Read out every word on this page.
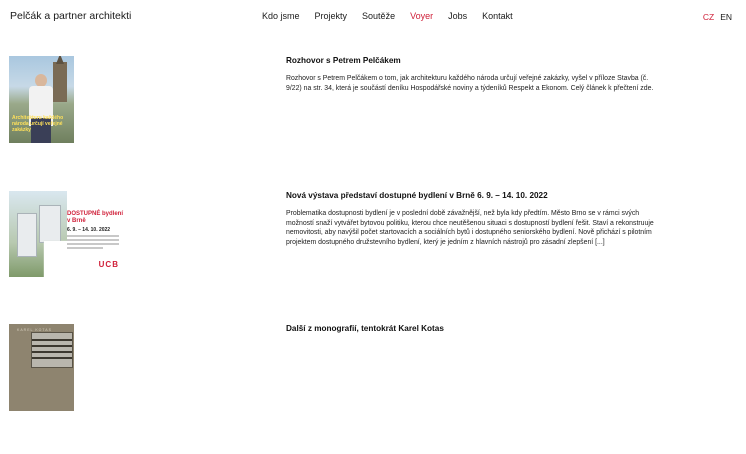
Pelčák a partner architekti	Kdo jsme Projekty Soutěže Voyer Jobs Kontakt	CZ EN
Architekturu každého národa určují veřejné zakázky
Rozhovor s Petrem Pelčákem
Rozhovor s Petrem Pelčákem o tom, jak architekturu každého národa určují veřejné zakázky, vyšel v příloze Stavba (č. 9/22) na str. 34, která je součástí deníku Hospodářské noviny a týdeníků Respekt a Ekonom. Celý článek k přečtení zde.
DOSTUPNÉ bydlení v Brně
6. 9. – 14. 10. 2022
UCB
Nová výstava představí dostupné bydlení v Brně 6. 9. – 14. 10. 2022
Problematika dostupnosti bydlení je v poslední době závažnější, než byla kdy předtím. Město Brno se v rámci svých možností snaží vytvářet bytovou politiku, kterou chce neutěšenou situaci s dostupností bydlení řešit. Staví a rekonstruuje nemovitosti, aby navýšil počet startovacích a sociálních bytů i dostupného seniorského bydlení. Nově přichází s pilotním projektem dostupného družstevního bydlení, který je jedním z hlavních nástrojů pro zásadní zlepšení [...]
KAREL KOTAS	Další z monografií, tentokrát Karel Kotas
